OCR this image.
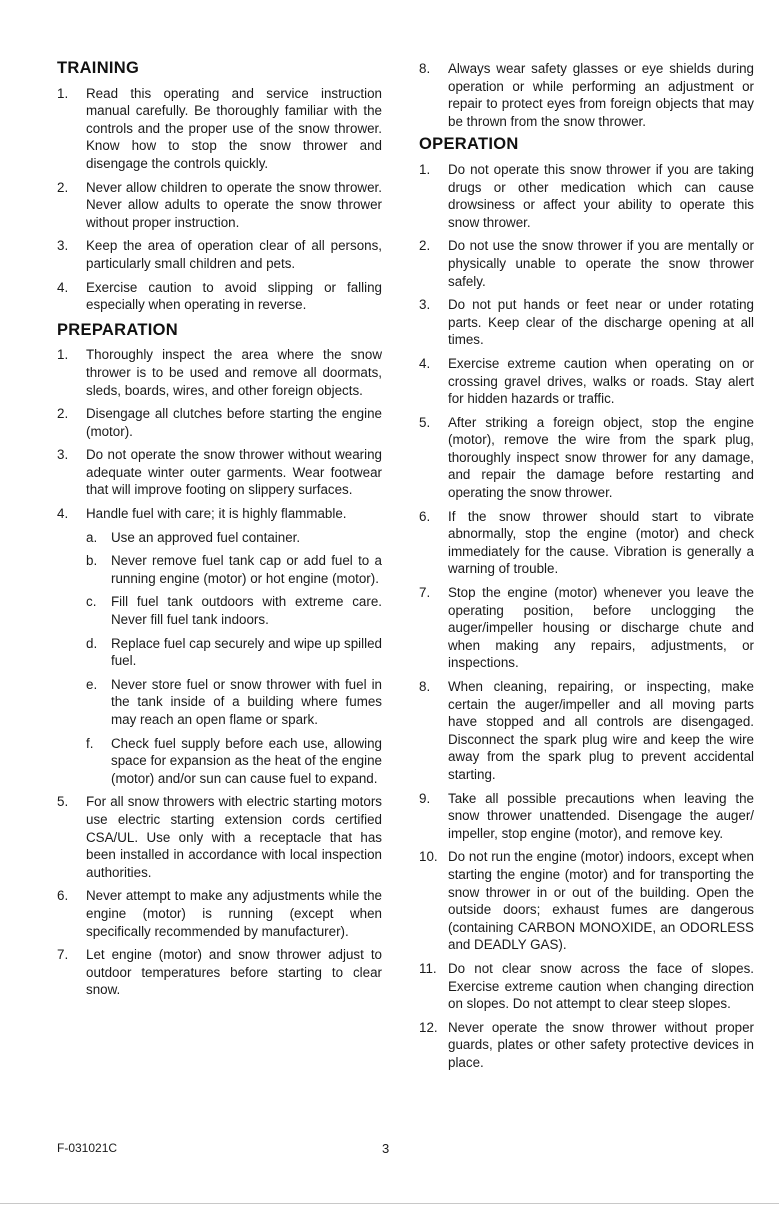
TRAINING
1.	Read this operating and service instruction manual carefully. Be thoroughly familiar with the controls and the proper use of the snow thrower. Know how to stop the snow thrower and disengage the controls quickly.
2.	Never allow children to operate the snow thrower. Never allow adults to operate the snow thrower without proper instruction.
3.	Keep the area of operation clear of all persons, particularly small children and pets.
4.	Exercise caution to avoid slipping or falling especially when operating in reverse.
PREPARATION
1.	Thoroughly inspect the area where the snow thrower is to be used and remove all doormats, sleds, boards, wires, and other foreign objects.
2.	Disengage all clutches before starting the engine (motor).
3.	Do not operate the snow thrower without wearing adequate winter outer garments. Wear footwear that will improve footing on slippery surfaces.
4.	Handle fuel with care; it is highly flammable.
a. Use an approved fuel container.
b. Never remove fuel tank cap or add fuel to a running engine (motor) or hot engine (motor).
c. Fill fuel tank outdoors with extreme care. Never fill fuel tank indoors.
d. Replace fuel cap securely and wipe up spilled fuel.
e. Never store fuel or snow thrower with fuel in the tank inside of a building where fumes may reach an open flame or spark.
f. Check fuel supply before each use, allowing space for expansion as the heat of the engine (motor) and/or sun can cause fuel to expand.
5.	For all snow throwers with electric starting motors use electric starting extension cords certified CSA/UL. Use only with a receptacle that has been installed in accordance with local inspection authorities.
6.	Never attempt to make any adjustments while the engine (motor) is running (except when specifically recommended by manufacturer).
7.	Let engine (motor) and snow thrower adjust to outdoor temperatures before starting to clear snow.
8.	Always wear safety glasses or eye shields during operation or while performing an adjustment or repair to protect eyes from foreign objects that may be thrown from the snow thrower.
OPERATION
1.	Do not operate this snow thrower if you are taking drugs or other medication which can cause drowsiness or affect your ability to operate this snow thrower.
2.	Do not use the snow thrower if you are mentally or physically unable to operate the snow thrower safely.
3.	Do not put hands or feet near or under rotating parts. Keep clear of the discharge opening at all times.
4.	Exercise extreme caution when operating on or crossing gravel drives, walks or roads. Stay alert for hidden hazards or traffic.
5.	After striking a foreign object, stop the engine (motor), remove the wire from the spark plug, thoroughly inspect snow thrower for any damage, and repair the damage before restarting and operating the snow thrower.
6.	If the snow thrower should start to vibrate abnormally, stop the engine (motor) and check immediately for the cause. Vibration is generally a warning of trouble.
7.	Stop the engine (motor) whenever you leave the operating position, before unclogging the auger/impeller housing or discharge chute and when making any repairs, adjustments, or inspections.
8.	When cleaning, repairing, or inspecting, make certain the auger/impeller and all moving parts have stopped and all controls are disengaged. Disconnect the spark plug wire and keep the wire away from the spark plug to prevent accidental starting.
9.	Take all possible precautions when leaving the snow thrower unattended. Disengage the auger/ impeller, stop engine (motor), and remove key.
10. Do not run the engine (motor) indoors, except when starting the engine (motor) and for transporting the snow thrower in or out of the building. Open the outside doors; exhaust fumes are dangerous (containing CARBON MONOXIDE, an ODORLESS and DEADLY GAS).
11. Do not clear snow across the face of slopes. Exercise extreme caution when changing direction on slopes. Do not attempt to clear steep slopes.
12. Never operate the snow thrower without proper guards, plates or other safety protective devices in place.
F-031021C	3
